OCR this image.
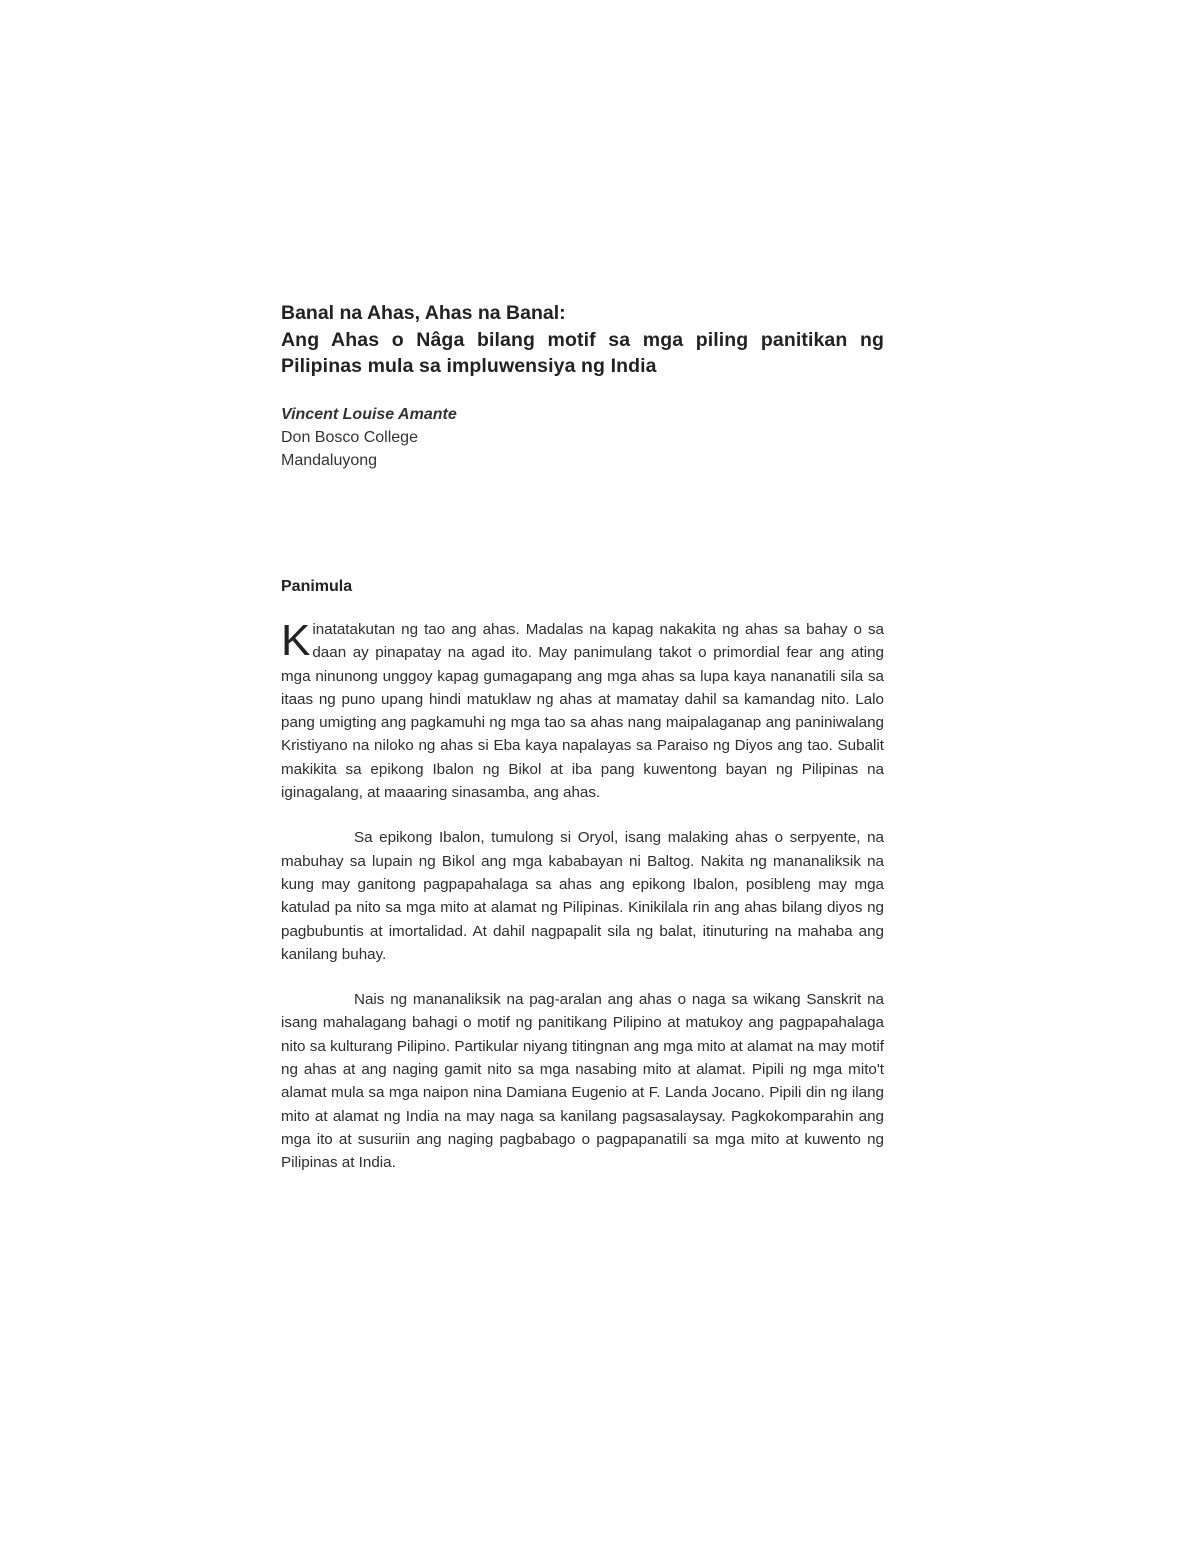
Banal na Ahas, Ahas na Banal:

Ang Ahas o Nâga bilang motif sa mga piling panitikan ng Pilipinas mula sa impluwensiya ng India

Vincent Louise Amante
Don Bosco College
Mandaluyong
Panimula

Kinatatakutan ng tao ang ahas. Madalas na kapag nakakita ng ahas sa bahay o sa daan ay pinapatay na agad ito. May panimulang takot o primordial fear ang ating mga ninunong unggoy kapag gumagapang ang mga ahas sa lupa kaya nananatili sila sa itaas ng puno upang hindi matuklaw ng ahas at mamatay dahil sa kamandag nito. Lalo pang umigting ang pagkamuhi ng mga tao sa ahas nang maipalaganap ang paniniwalang Kristiyano na niloko ng ahas si Eba kaya napalayas sa Paraiso ng Diyos ang tao. Subalit makikita sa epikong Ibalon ng Bikol at iba pang kuwentong bayan ng Pilipinas na iginagalang, at maaaring sinasamba, ang ahas.

Sa epikong Ibalon, tumulong si Oryol, isang malaking ahas o serpyente, na mabuhay sa lupain ng Bikol ang mga kababayan ni Baltog. Nakita ng mananaliksik na kung may ganitong pagpapahalaga sa ahas ang epikong Ibalon, posibleng may mga katulad pa nito sa mga mito at alamat ng Pilipinas. Kinikilala rin ang ahas bilang diyos ng pagbubuntis at imortalidad. At dahil nagpapalit sila ng balat, itinuturing na mahaba ang kanilang buhay.

Nais ng mananaliksik na pag-aralan ang ahas o naga sa wikang Sanskrit na isang mahalagang bahagi o motif ng panitikang Pilipino at matukoy ang pagpapahalaga nito sa kulturang Pilipino. Partikular niyang titingnan ang mga mito at alamat na may motif ng ahas at ang naging gamit nito sa mga nasabing mito at alamat. Pipili ng mga mito't alamat mula sa mga naipon nina Damiana Eugenio at F. Landa Jocano. Pipili din ng ilang mito at alamat ng India na may naga sa kanilang pagsasalaysay. Pagkokomparahin ang mga ito at susuriin ang naging pagbabago o pagpapanatili sa mga mito at kuwento ng Pilipinas at India.
